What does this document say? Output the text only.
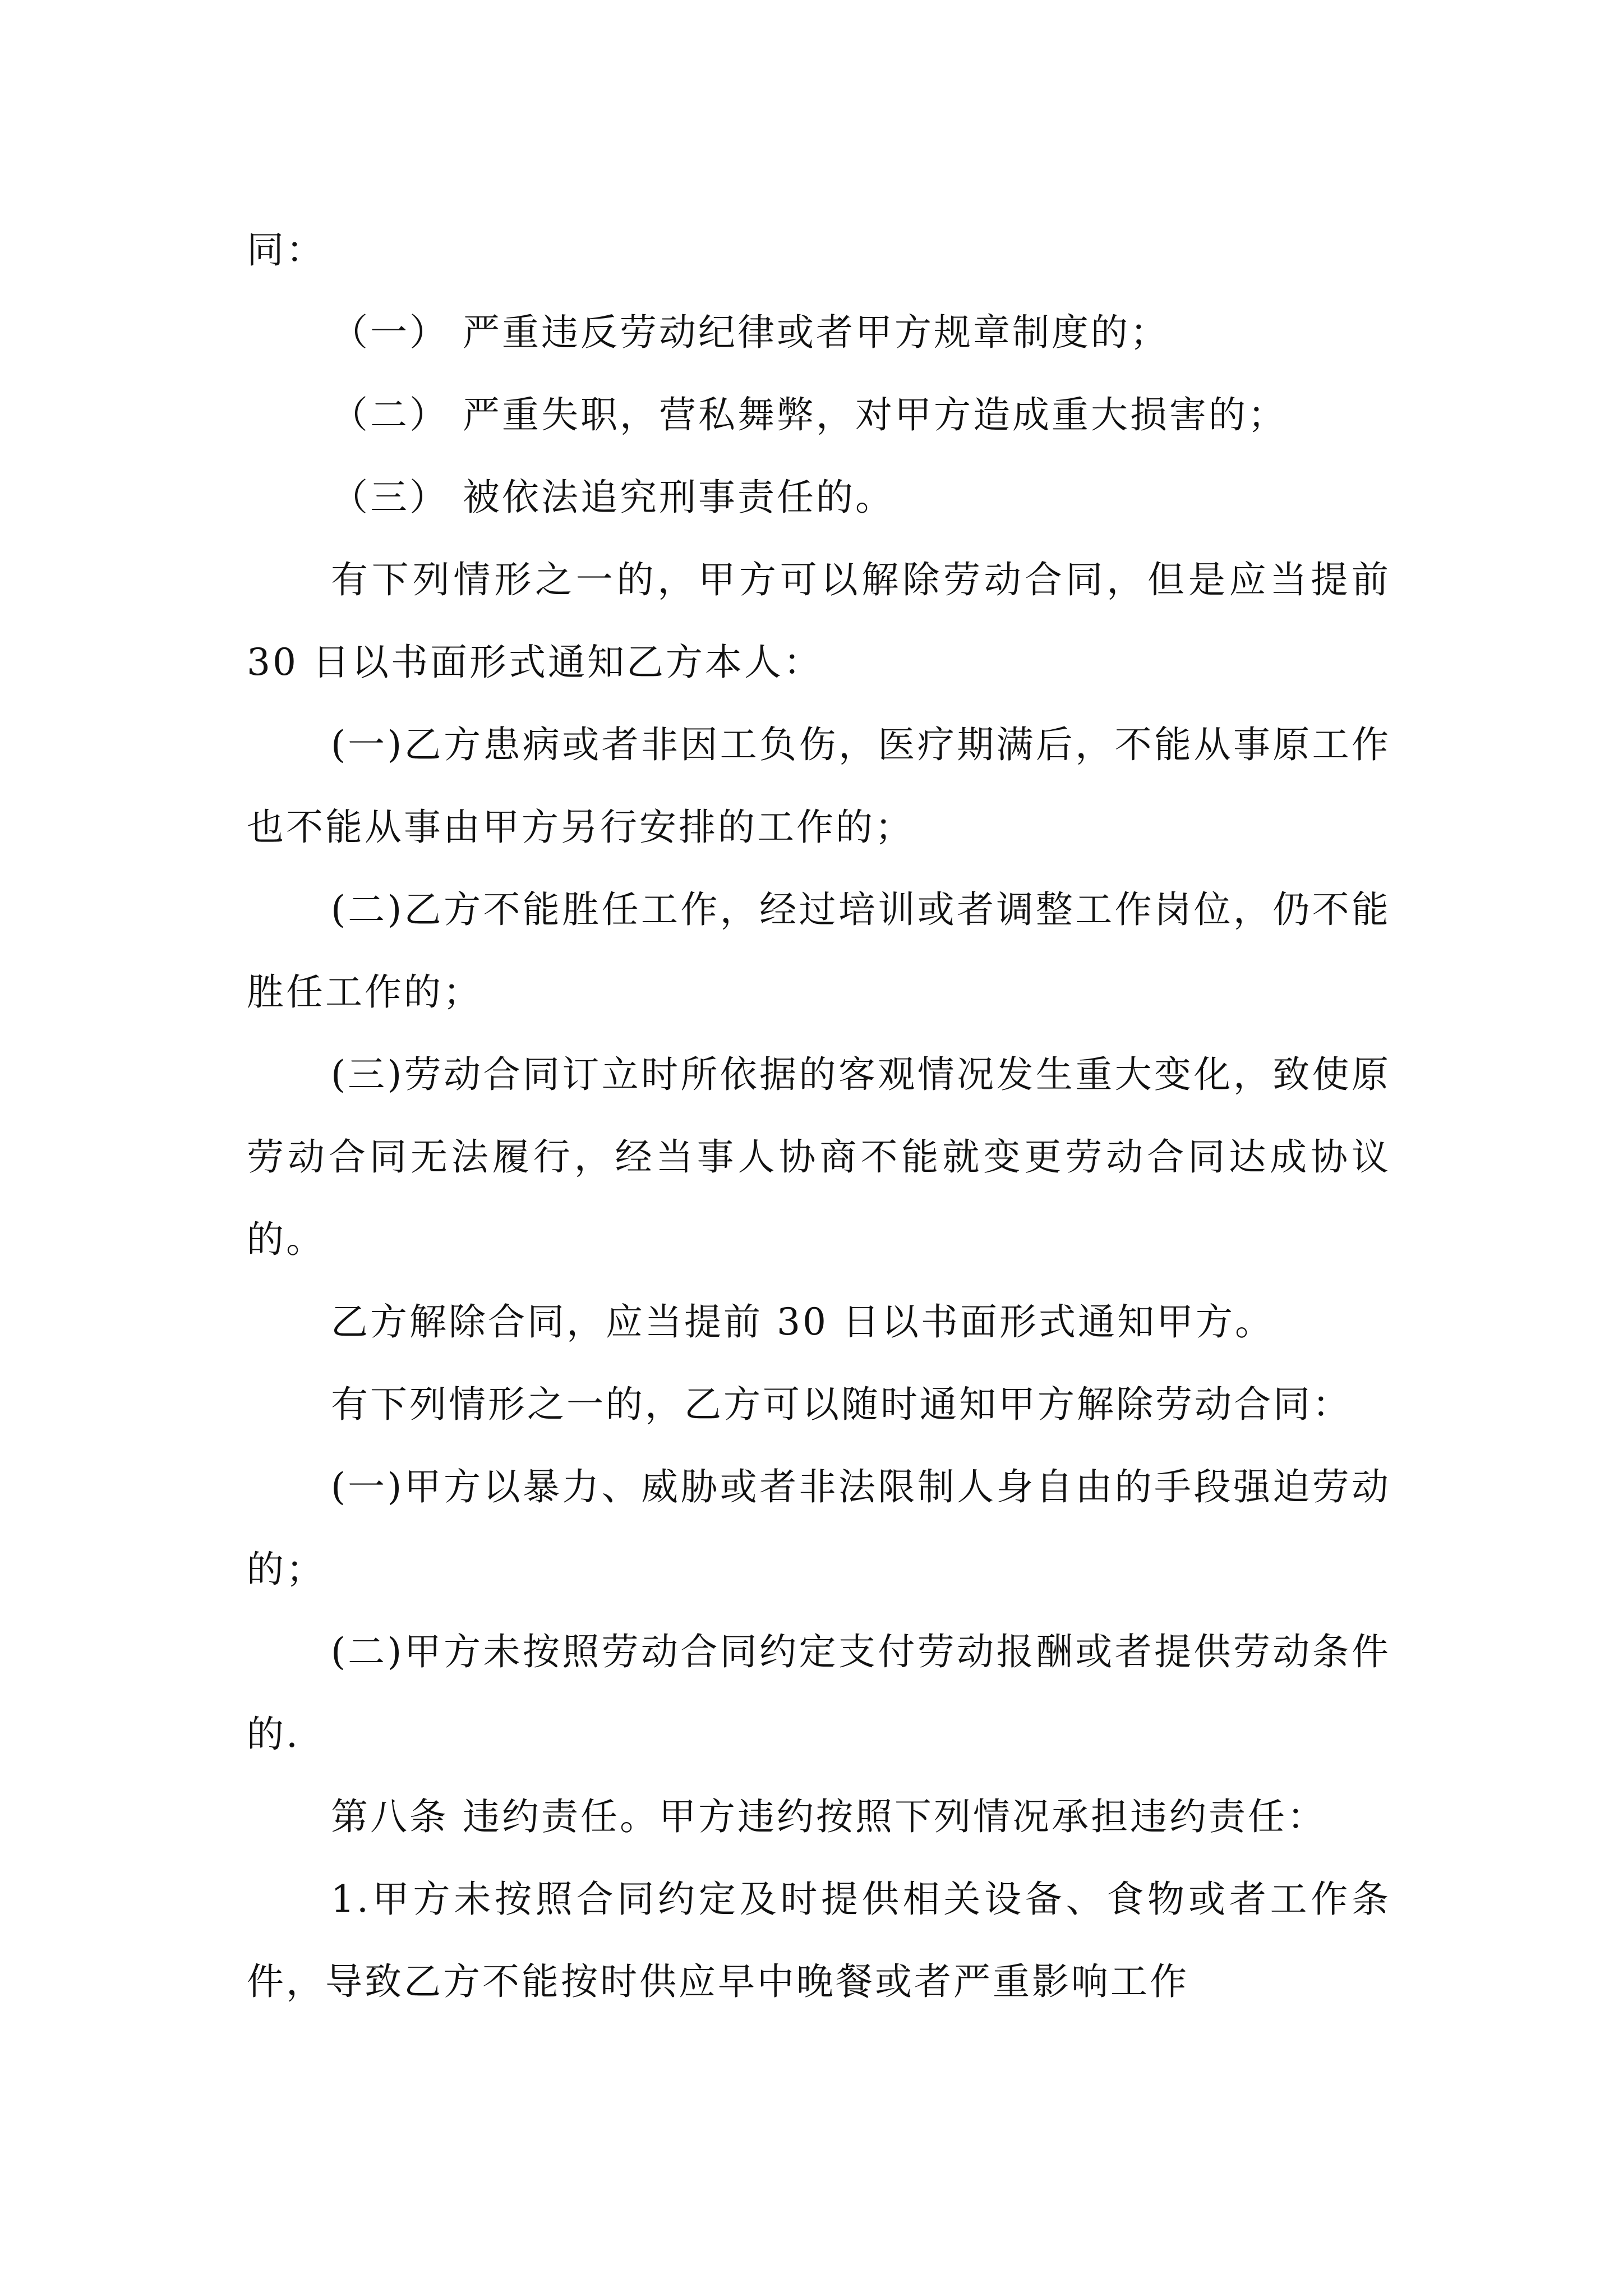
同：

（一） 严重违反劳动纪律或者甲方规章制度的；

（二） 严重失职，营私舞弊，对甲方造成重大损害的；

（三） 被依法追究刑事责任的。

有下列情形之一的，甲方可以解除劳动合同，但是应当提前 30 日以书面形式通知乙方本人：

(一)乙方患病或者非因工负伤，医疗期满后，不能从事原工作也不能从事由甲方另行安排的工作的；

(二)乙方不能胜任工作，经过培训或者调整工作岗位，仍不能胜任工作的；

(三)劳动合同订立时所依据的客观情况发生重大变化，致使原劳动合同无法履行，经当事人协商不能就变更劳动合同达成协议的。

乙方解除合同，应当提前 30 日以书面形式通知甲方。

有下列情形之一的，乙方可以随时通知甲方解除劳动合同：

(一)甲方以暴力、威胁或者非法限制人身自由的手段强迫劳动的；

(二)甲方未按照劳动合同约定支付劳动报酬或者提供劳动条件的.

第八条 违约责任。甲方违约按照下列情况承担违约责任：

1.甲方未按照合同约定及时提供相关设备、食物或者工作条件，导致乙方不能按时供应早中晚餐或者严重影响工作
